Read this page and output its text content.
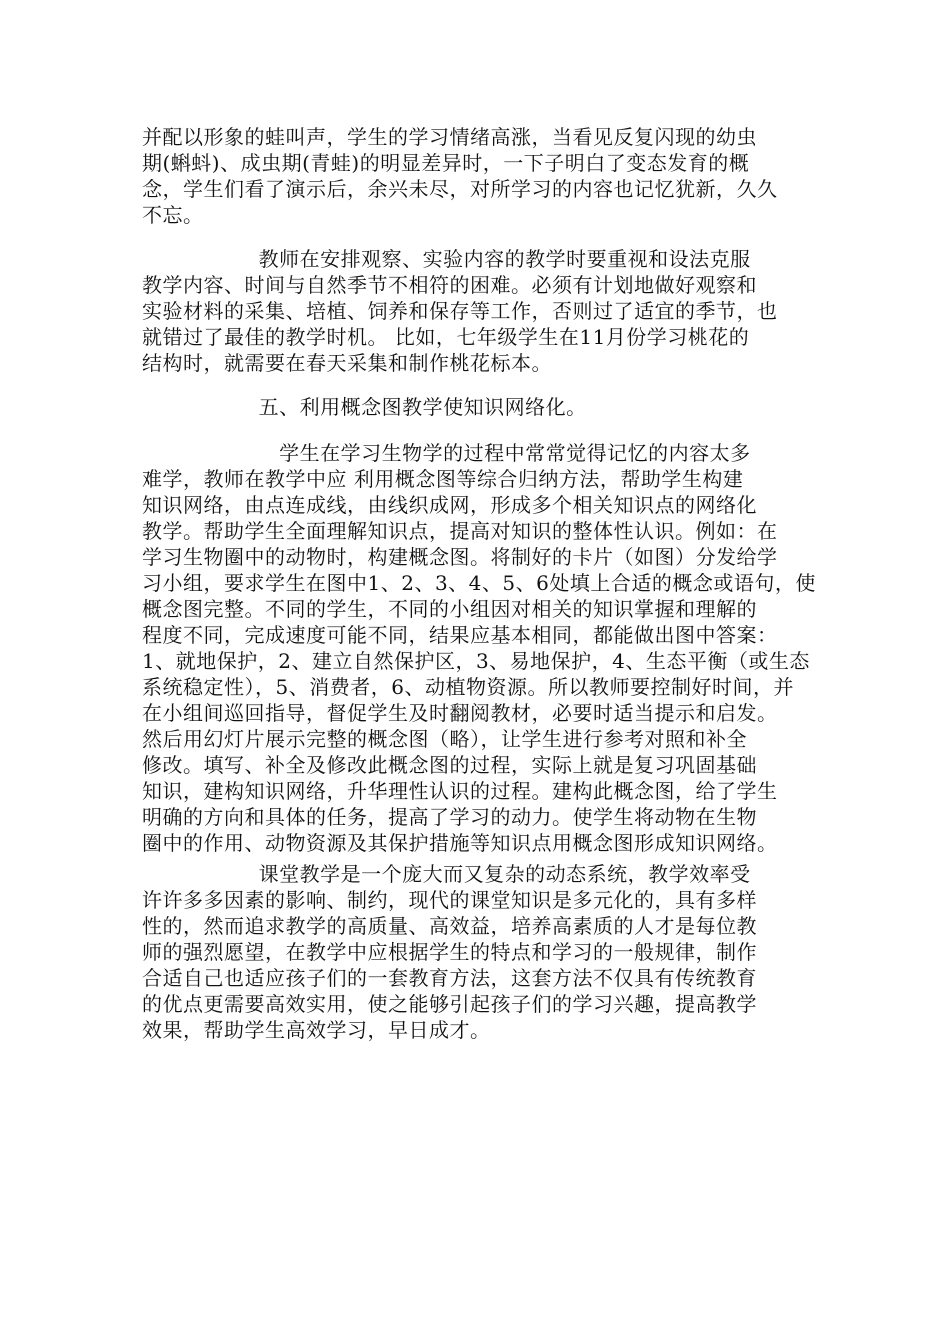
并配以形象的蛙叫声，学生的学习情绪高涨，当看见反复闪现的幼虫
期(蝌蚪)、成虫期(青蛙)的明显差异时，一下子明白了变态发育的概
念，学生们看了演示后，余兴未尽，对所学习的内容也记忆犹新，久久
不忘。

教师在安排观察、实验内容的教学时要重视和设法克服
教学内容、时间与自然季节不相符的困难。必须有计划地做好观察和
实验材料的采集、培植、饲养和保存等工作，否则过了适宜的季节，也
就错过了最佳的教学时机。 比如，七年级学生在11月份学习桃花的
结构时，就需要在春天采集和制作桃花标本。

五、利用概念图教学使知识网络化。

学生在学习生物学的过程中常常觉得记忆的内容太多
难学，教师在教学中应 利用概念图等综合归纳方法，帮助学生构建
知识网络，由点连成线，由线织成网，形成多个相关知识点的网络化
教学。帮助学生全面理解知识点，提高对知识的整体性认识。例如：在
学习生物圈中的动物时，构建概念图。将制好的卡片（如图）分发给学
习小组，要求学生在图中1、2、3、4、5、6处填上合适的概念或语句，使
概念图完整。不同的学生，不同的小组因对相关的知识掌握和理解的
程度不同，完成速度可能不同，结果应基本相同，都能做出图中答案：
1、就地保护，2、建立自然保护区，3、易地保护，4、生态平衡（或生态
系统稳定性），5、消费者，6、动植物资源。所以教师要控制好时间，并
在小组间巡回指导，督促学生及时翻阅教材，必要时适当提示和启发。
然后用幻灯片展示完整的概念图（略），让学生进行参考对照和补全
修改。填写、补全及修改此概念图的过程，实际上就是复习巩固基础
知识，建构知识网络，升华理性认识的过程。建构此概念图，给了学生
明确的方向和具体的任务，提高了学习的动力。使学生将动物在生物
圈中的作用、动物资源及其保护措施等知识点用概念图形成知识网络。

课堂教学是一个庞大而又复杂的动态系统，教学效率受
许许多多因素的影响、制约，现代的课堂知识是多元化的，具有多样
性的，然而追求教学的高质量、高效益，培养高素质的人才是每位教
师的强烈愿望，在教学中应根据学生的特点和学习的一般规律，制作
合适自己也适应孩子们的一套教育方法，这套方法不仅具有传统教育
的优点更需要高效实用，使之能够引起孩子们的学习兴趣，提高教学
效果，帮助学生高效学习，早日成才。
